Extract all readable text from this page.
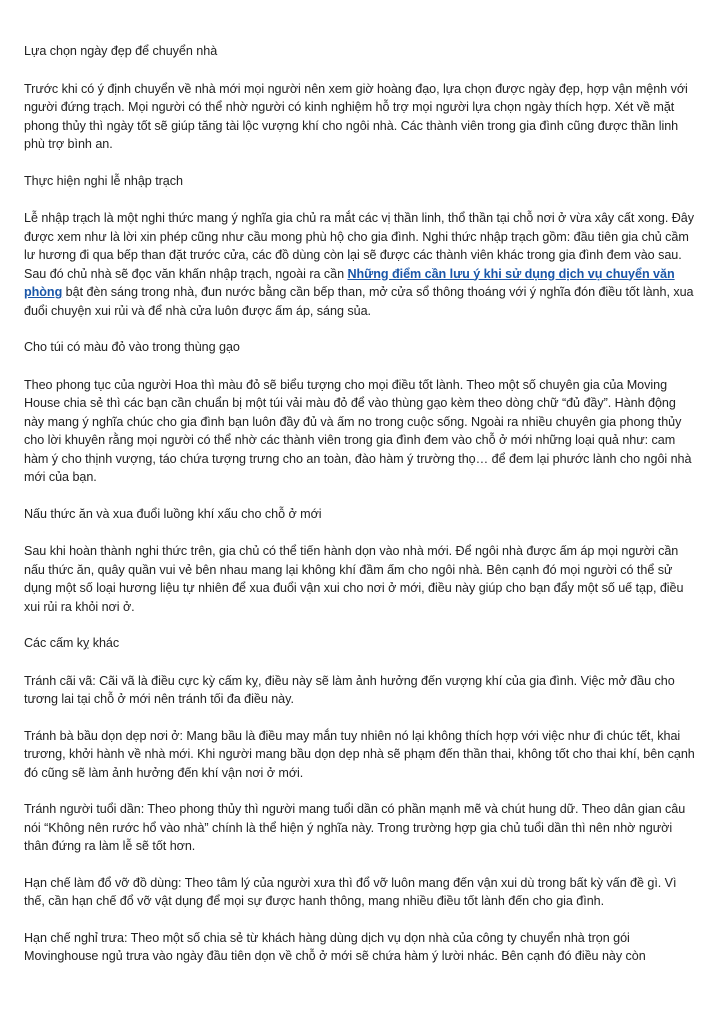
Lựa chọn ngày đẹp để chuyển nhà

Trước khi có ý định chuyển về nhà mới mọi người nên xem giờ hoàng đạo, lựa chọn được ngày đẹp, hợp vận mệnh với người đứng trạch. Mọi người có thể nhờ người có kinh nghiệm hỗ trợ mọi người lựa chọn ngày thích hợp. Xét về mặt phong thủy thì ngày tốt sẽ giúp tăng tài lộc vượng khí cho ngôi nhà. Các thành viên trong gia đình cũng được thần linh phù trợ bình an.

Thực hiện nghi lễ nhập trạch

Lễ nhập trạch là một nghi thức mang ý nghĩa gia chủ ra mắt các vị thần linh, thổ thần tại chỗ nơi ở vừa xây cất xong. Đây được xem như là lời xin phép cũng như cầu mong phù hộ cho gia đình. Nghi thức nhập trạch gồm: đầu tiên gia chủ cầm lư hương đi qua bếp than đặt trước cửa, các đồ dùng còn lại sẽ được các thành viên khác trong gia đình đem vào sau. Sau đó chủ nhà sẽ đọc văn khấn nhập trạch, ngoài ra cần Những điểm cần lưu ý khi sử dụng dịch vụ chuyển văn phòng bật đèn sáng trong nhà, đun nước bằng cần bếp than, mở cửa sổ thông thoáng với ý nghĩa đón điều tốt lành, xua đuổi chuyện xui rủi và để nhà cửa luôn được ấm áp, sáng sủa.

Cho túi có màu đỏ vào trong thùng gạo

Theo phong tục của người Hoa thì màu đỏ sẽ biểu tượng cho mọi điều tốt lành. Theo một số chuyên gia của Moving House chia sẻ thì các bạn cần chuẩn bị một túi vải màu đỏ để vào thùng gạo kèm theo dòng chữ “đủ đầy”. Hành động này mang ý nghĩa chúc cho gia đình bạn luôn đầy đủ và ấm no trong cuộc sống. Ngoài ra nhiều chuyên gia phong thủy cho lời khuyên rằng mọi người có thể nhờ các thành viên trong gia đình đem vào chỗ ở mới những loại quả như: cam hàm ý cho thịnh vượng, táo chứa tượng trưng cho an toàn, đào hàm ý trường thọ… để đem lại phước lành cho ngôi nhà mới của bạn.

Nấu thức ăn và xua đuổi luồng khí xấu cho chỗ ở mới

Sau khi hoàn thành nghi thức trên, gia chủ có thể tiến hành dọn vào nhà mới. Để ngôi nhà được ấm áp mọi người cần nấu thức ăn, quây quần vui vẻ bên nhau mang lại không khí đầm ấm cho ngôi nhà. Bên cạnh đó mọi người có thể sử dụng một số loại hương liệu tự nhiên để xua đuổi vận xui cho nơi ở mới, điều này giúp cho bạn đẩy một số uế tạp, điều xui rủi ra khỏi nơi ở.

Các cấm kỵ khác

Tránh cãi vã: Cãi vã là điều cực kỳ cấm kỵ, điều này sẽ làm ảnh hưởng đến vượng khí của gia đình. Việc mở đầu cho tương lai tại chỗ ở mới nên tránh tối đa điều này.

Tránh bà bầu dọn dẹp nơi ở: Mang bầu là điều may mắn tuy nhiên nó lại không thích hợp với việc như đi chúc tết, khai trương, khởi hành về nhà mới. Khi người mang bầu dọn dẹp nhà sẽ phạm đến thần thai, không tốt cho thai khí, bên cạnh đó cũng sẽ làm ảnh hưởng đến khí vận nơi ở mới.

Tránh người tuổi dần: Theo phong thủy thì người mang tuổi dần có phần mạnh mẽ và chút hung dữ. Theo dân gian câu nói “Không nên rước hổ vào nhà” chính là thể hiện ý nghĩa này. Trong trường hợp gia chủ tuổi dần thì nên nhờ người thân đứng ra làm lễ sẽ tốt hơn.

Hạn chế làm đổ vỡ đồ dùng: Theo tâm lý của người xưa thì đổ vỡ luôn mang đến vận xui dù trong bất kỳ vấn đề gì. Vì thế, cần hạn chế đổ vỡ vật dụng để mọi sự được hanh thông, mang nhiều điều tốt lành đến cho gia đình.

Hạn chế nghỉ trưa: Theo một số chia sẻ từ khách hàng dùng dịch vụ dọn nhà của công ty chuyển nhà trọn gói Movinghouse ngủ trưa vào ngày đầu tiên dọn về chỗ ở mới sẽ chứa hàm ý lười nhác. Bên cạnh đó điều này còn
